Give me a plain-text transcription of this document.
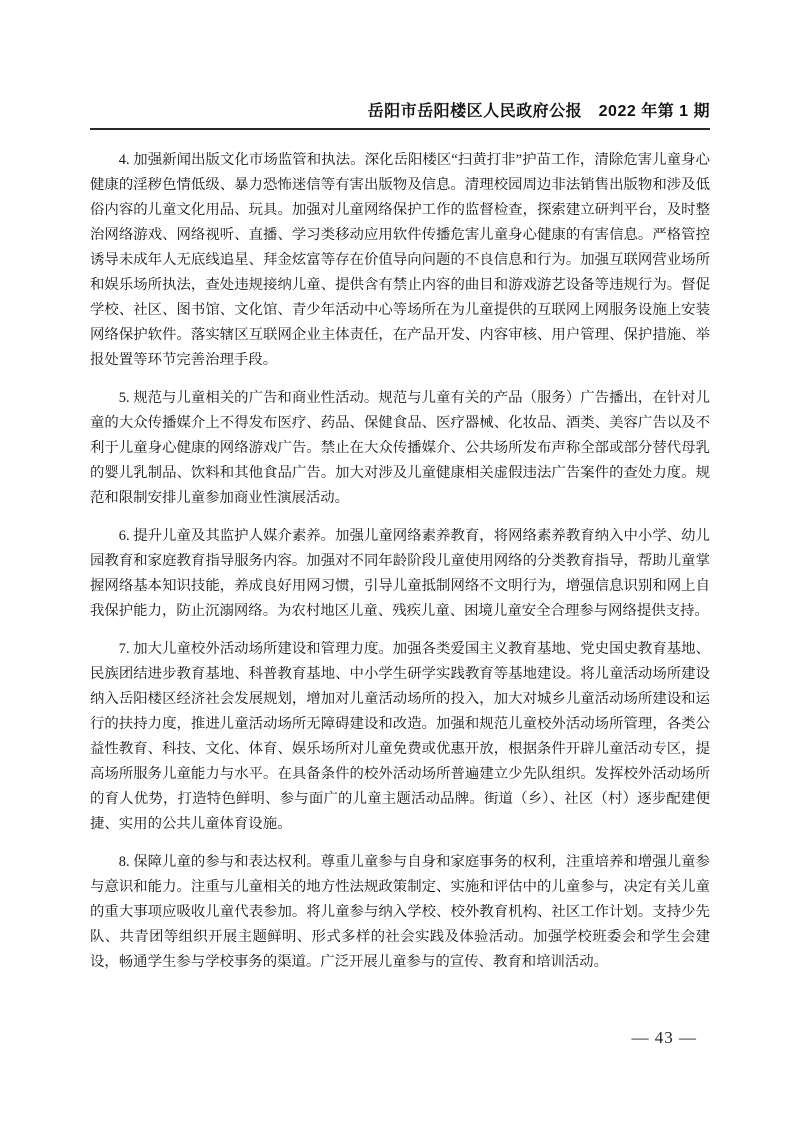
岳阳市岳阳楼区人民政府公报　2022 年第 1 期

4. 加强新闻出版文化市场监管和执法。深化岳阳楼区“扫黄打非”护苗工作，清除危害儿童身心健康的淫秽色情低级、暴力恐怖迷信等有害出版物及信息。清理校园周边非法销售出版物和涉及低俗内容的儿童文化用品、玩具。加强对儿童网络保护工作的监督检查，探索建立研判平台，及时整治网络游戏、网络视听、直播、学习类移动应用软件传播危害儿童身心健康的有害信息。严格管控诱导未成年人无底线追星、拜金炫富等存在价值导向问题的不良信息和行为。加强互联网营业场所和娱乐场所执法，查处违规接纳儿童、提供含有禁止内容的曲目和游戏游艺设备等违规行为。督促学校、社区、图书馆、文化馆、青少年活动中心等场所在为儿童提供的互联网上网服务设施上安装网络保护软件。落实辖区互联网企业主体责任，在产品开发、内容审核、用户管理、保护措施、举报处置等环节完善治理手段。

5. 规范与儿童相关的广告和商业性活动。规范与儿童有关的产品（服务）广告播出，在针对儿童的大众传播媒介上不得发布医疗、药品、保健食品、医疗器械、化妆品、酒类、美容广告以及不利于儿童身心健康的网络游戏广告。禁止在大众传播媒介、公共场所发布声称全部或部分替代母乳的婴儿乳制品、饮料和其他食品广告。加大对涉及儿童健康相关虚假违法广告案件的查处力度。规范和限制安排儿童参加商业性演展活动。

6. 提升儿童及其监护人媒介素养。加强儿童网络素养教育，将网络素养教育纳入中小学、幼儿园教育和家庭教育指导服务内容。加强对不同年龄阶段儿童使用网络的分类教育指导，帮助儿童掌握网络基本知识技能，养成良好用网习惯，引导儿童抵制网络不文明行为，增强信息识别和网上自我保护能力，防止沉溺网络。为农村地区儿童、残疾儿童、困境儿童安全合理参与网络提供支持。

7. 加大儿童校外活动场所建设和管理力度。加强各类爱国主义教育基地、党史国史教育基地、民族团结进步教育基地、科普教育基地、中小学生研学实践教育等基地建设。将儿童活动场所建设纳入岳阳楼区经济社会发展规划，增加对儿童活动场所的投入，加大对城乡儿童活动场所建设和运行的扶持力度，推进儿童活动场所无障碍建设和改造。加强和规范儿童校外活动场所管理，各类公益性教育、科技、文化、体育、娱乐场所对儿童免费或优惠开放，根据条件开辟儿童活动专区，提高场所服务儿童能力与水平。在具备条件的校外活动场所普遍建立少先队组织。发挥校外活动场所的育人优势，打造特色鲜明、参与面广的儿童主题活动品牌。街道（乡）、社区（村）逐步配建便捷、实用的公共儿童体育设施。

8. 保障儿童的参与和表达权利。尊重儿童参与自身和家庭事务的权利，注重培养和增强儿童参与意识和能力。注重与儿童相关的地方性法规政策制定、实施和评估中的儿童参与，决定有关儿童的重大事项应吸收儿童代表参加。将儿童参与纳入学校、校外教育机构、社区工作计划。支持少先队、共青团等组织开展主题鲜明、形式多样的社会实践及体验活动。加强学校班委会和学生会建设，畅通学生参与学校事务的渠道。广泛开展儿童参与的宣传、教育和培训活动。

— 43 —
